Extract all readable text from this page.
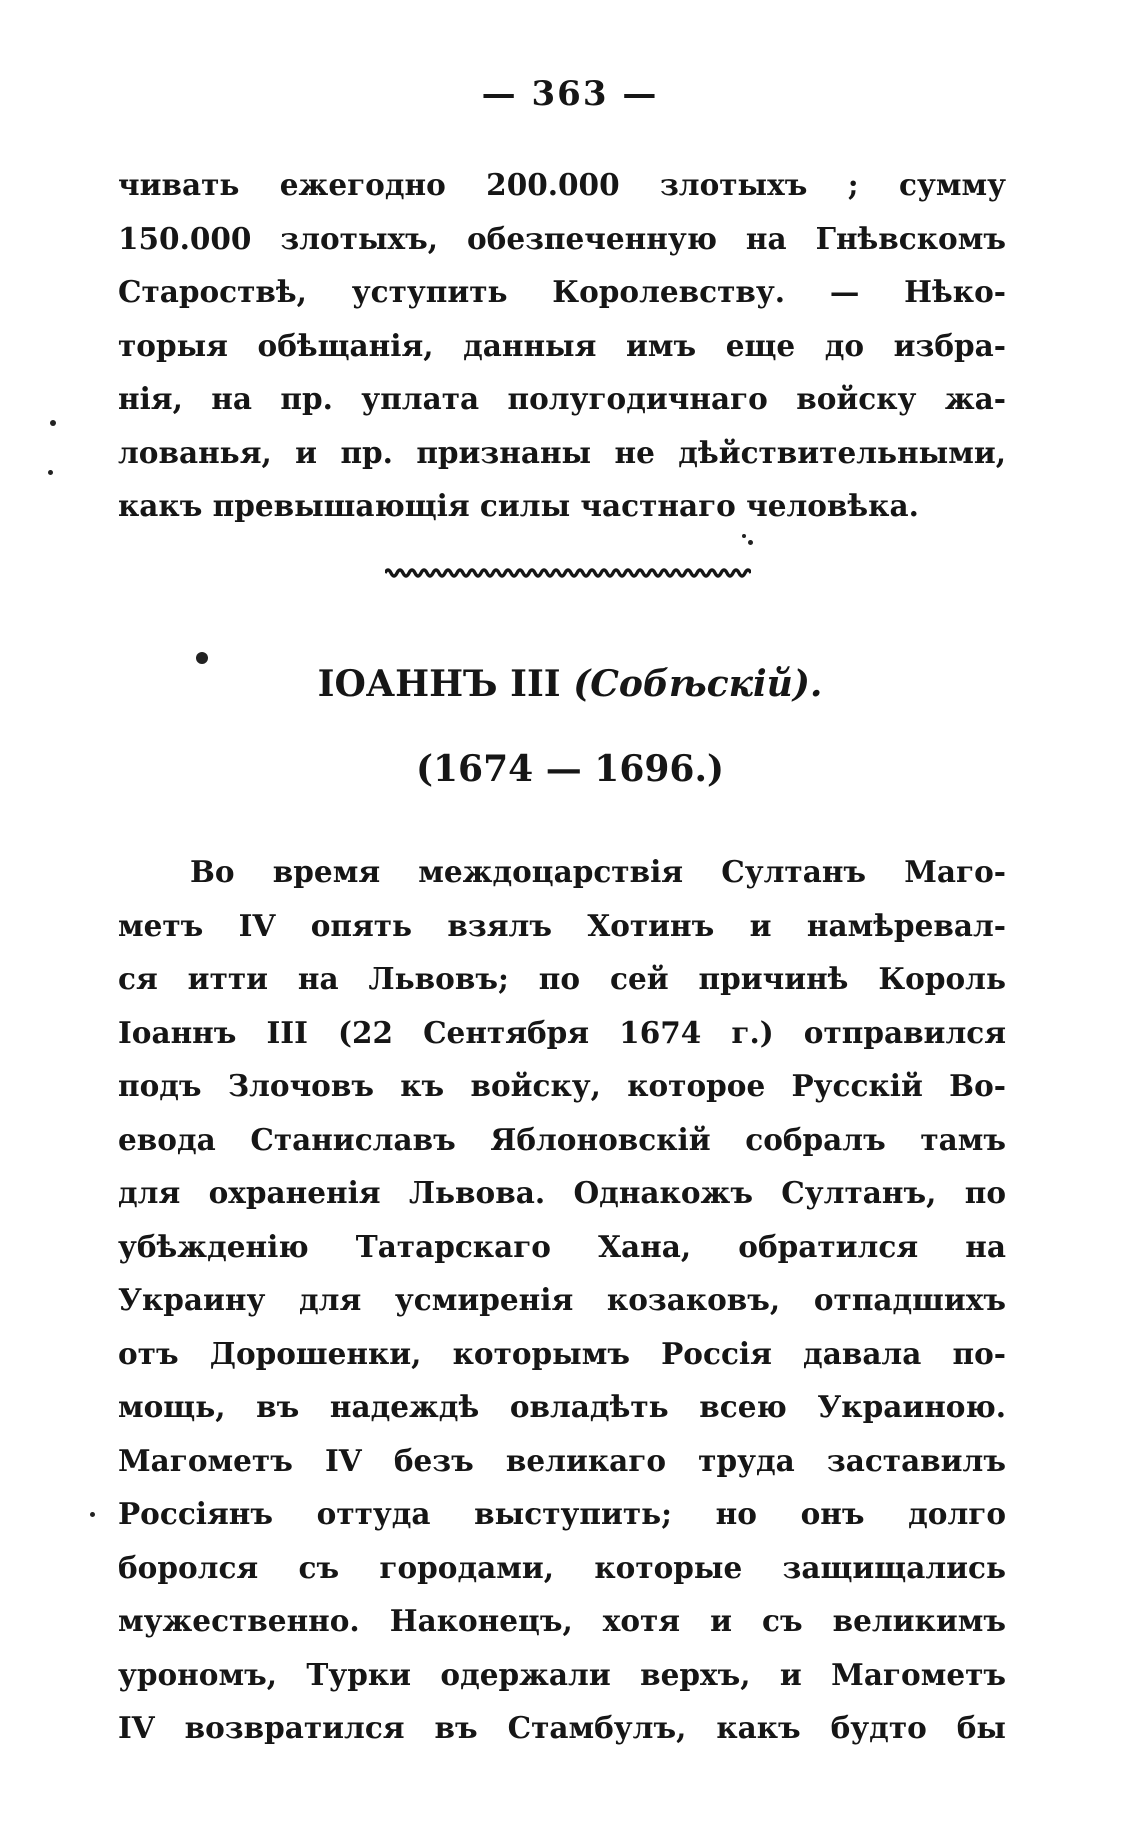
— 363 —
чивать ежегодно 200.000 злотыхъ ; сумму
150.000 злотыхъ, обезпеченную на Гнѣвскомъ
Староствѣ, уступить Королевству. — Нѣко-
торыя обѣщанія, данныя имъ еще до избра-
нія, на пр. уплата полугодичнаго войску жа-
лованья, и пр. признаны не дѣйствительными,
какъ превышающія силы частнаго человѣка.
ІОАННЪ III (Собѣскій).
(1674 — 1696.)
Во время междоцарствія Султанъ Маго-
метъ IV опять взялъ Хотинъ и намѣревал-
ся итти на Львовъ; по сей причинѣ Король
Іоаннъ III (22 Сентября 1674 г.) отправился
подъ Злочовъ къ войску, которое Русскій Во-
евода Станиславъ Яблоновскій собралъ тамъ
для охраненія Львова. Однакожъ Султанъ, по
убѣжденію Татарскаго Хана, обратился на
Украину для усмиренія козаковъ, отпадшихъ
отъ Дорошенки, которымъ Россія давала по-
мощь, въ надеждѣ овладѣть всею Украиною.
Магометъ IV безъ великаго труда заставилъ
Россіянъ оттуда выступить; но онъ долго
боролся съ городами, которые защищались
мужественно. Наконецъ, хотя и съ великимъ
урономъ, Турки одержали верхъ, и Магометъ
IV возвратился въ Стамбулъ, какъ будто бы
